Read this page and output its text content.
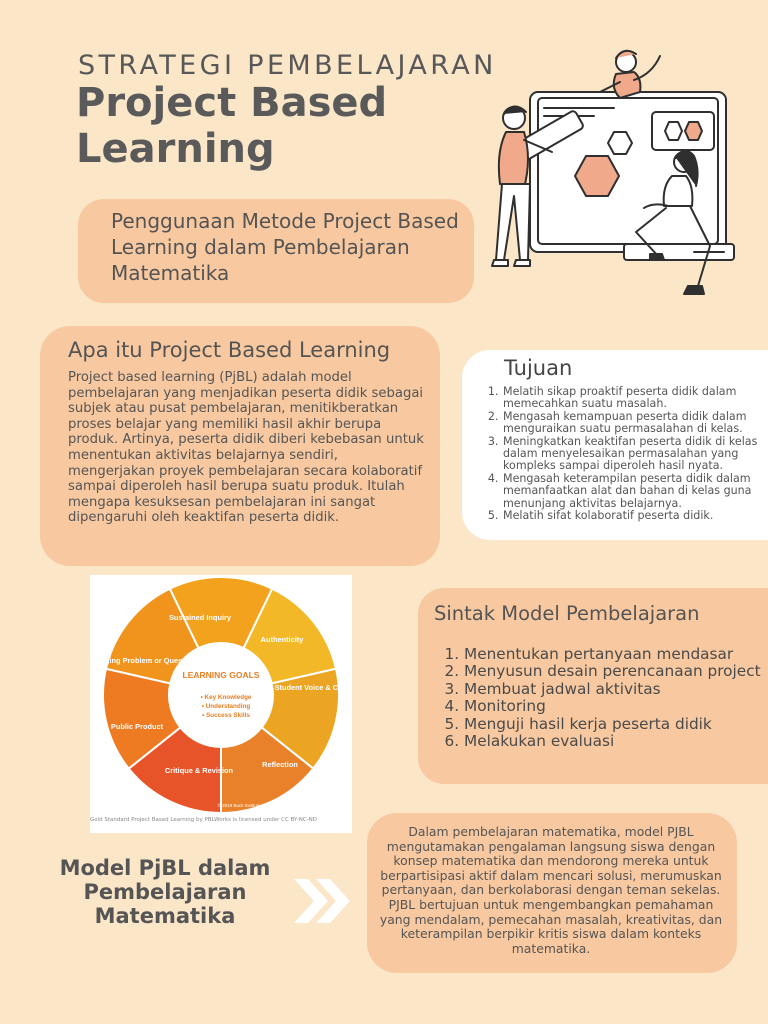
STRATEGI PEMBELAJARAN
Project Based Learning
Penggunaan Metode Project Based Learning dalam Pembelajaran Matematika
Apa itu Project Based Learning
Project based learning (PjBL) adalah model pembelajaran yang menjadikan peserta didik sebagai subjek atau pusat pembelajaran, menitikberatkan proses belajar yang memiliki hasil akhir berupa produk. Artinya, peserta didik diberi kebebasan untuk menentukan aktivitas belajarnya sendiri, mengerjakan proyek pembelajaran secara kolaboratif sampai diperoleh hasil berupa suatu produk. Itulah mengapa kesuksesan pembelajaran ini sangat dipengaruhi oleh keaktifan peserta didik.
Tujuan
1. Melatih sikap proaktif peserta didik dalam memecahkan suatu masalah.
2. Mengasah kemampuan peserta didik dalam menguraikan suatu permasalahan di kelas.
3. Meningkatkan keaktifan peserta didik di kelas dalam menyelesaikan permasalahan yang kompleks sampai diperoleh hasil nyata.
4. Mengasah keterampilan peserta didik dalam memanfaatkan alat dan bahan di kelas guna menunjang aktivitas belajarnya.
5. Melatih sifat kolaboratif peserta didik.
LEARNING GOALS
• Key Knowledge
• Understanding
• Success Skills
Sustained Inquiry
Authenticity
Student Voice & Choice
Reflection
Critique & Revision
Public Product
Challenging Problem or Question
© 2019 Buck Institute for Education
Gold Standard Project Based Learning by PBLWorks is licensed under CC BY-NC-ND
Sintak Model Pembelajaran
1. Menentukan pertanyaan mendasar
2. Menyusun desain perencanaan project
3. Membuat jadwal aktivitas
4. Monitoring
5. Menguji hasil kerja peserta didik
6. Melakukan evaluasi
Model PjBL dalam Pembelajaran Matematika
Dalam pembelajaran matematika, model PJBL mengutamakan pengalaman langsung siswa dengan konsep matematika dan mendorong mereka untuk berpartisipasi aktif dalam mencari solusi, merumuskan pertanyaan, dan berkolaborasi dengan teman sekelas. PJBL bertujuan untuk mengembangkan pemahaman yang mendalam, pemecahan masalah, kreativitas, dan keterampilan berpikir kritis siswa dalam konteks matematika.
